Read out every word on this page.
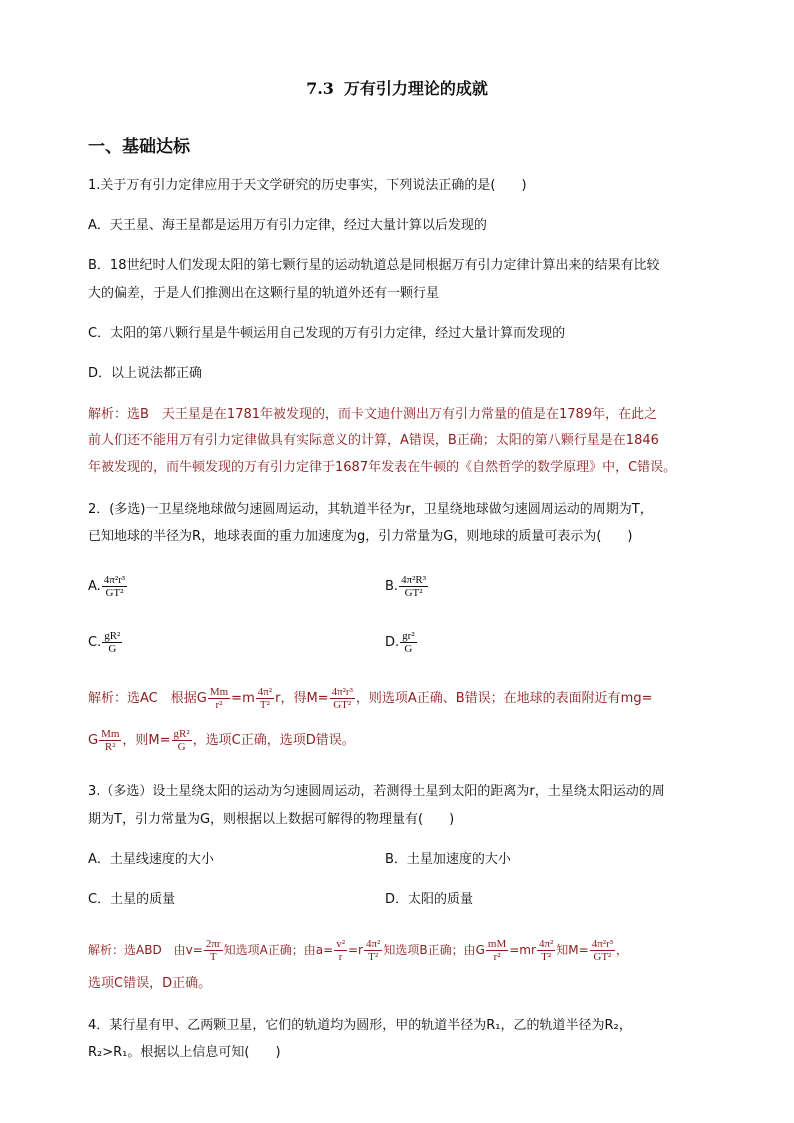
7.3 万有引力理论的成就
一、基础达标
1.关于万有引力定律应用于天文学研究的历史事实，下列说法正确的是(　　)
A．天王星、海王星都是运用万有引力定律，经过大量计算以后发现的
B．18世纪时人们发现太阳的第七颗行星的运动轨道总是同根据万有引力定律计算出来的结果有比较
大的偏差，于是人们推测出在这颗行星的轨道外还有一颗行星
C．太阳的第八颗行星是牛顿运用自己发现的万有引力定律，经过大量计算而发现的
D．以上说法都正确
解析：选B　天王星是在1781年被发现的，而卡文迪什测出万有引力常量的值是在1789年，在此之
前人们还不能用万有引力定律做具有实际意义的计算，A错误，B正确；太阳的第八颗行星是在1846
年被发现的，而牛顿发现的万有引力定律于1687年发表在牛顿的《自然哲学的数学原理》中，C错误。
2．(多选)一卫星绕地球做匀速圆周运动，其轨道半径为r，卫星绕地球做匀速圆周运动的周期为T，
已知地球的半径为R，地球表面的重力加速度为g，引力常量为G，则地球的质量可表示为(　　)
A. $\frac{\text{4π²r³}}{\text{GT²}}$	B. $\frac{\text{4π²R³}}{\text{GT²}}$
C. $\frac{\text{gR²}}{G}$	D. $\frac{\text{gr²}}{G}$
解析：选AC　根据G $\frac{Mm}{\text{r²}} =m \frac{\text{4π²}}{\text{T²}}$ r，得$M= \frac{\text{4π²r³}}{\text{GT²}}$ ，则选项A正确、B错误；在地球的表面附近有mg=
G $\frac{Mm}{\text{R²}}$ ，则$M= \frac{\text{gR²}}{G}$ ，选项C正确，选项D错误。
3.（多选）设土星绕太阳的运动为匀速圆周运动，若测得土星到太阳的距离为r，土星绕太阳运动的周
期为T，引力常量为G，则根据以上数据可解得的物理量有(　　)
A．土星线速度的大小	B．土星加速度的大小
C．土星的质量	D．太阳的质量
解析：选ABD　由$v= \frac{2\pi r}{T}$ 知选项A正确；由$a= \frac{\text{v²}}{r} =r \frac{\text{4π²}}{\text{T²}}$ 知选项B正确；由G $\frac{mM}{\text{r²}} =mr \frac{\text{4π²}}{\text{T²}}$ 知$M= \frac{\text{4π²r³}}{\text{GT²}}$ ，
选项C错误，D正确。
4．某行星有甲、乙两颗卫星，它们的轨道均为圆形，甲的轨道半径为R₁，乙的轨道半径为R₂，
R₂>R₁。根据以上信息可知(　　)
